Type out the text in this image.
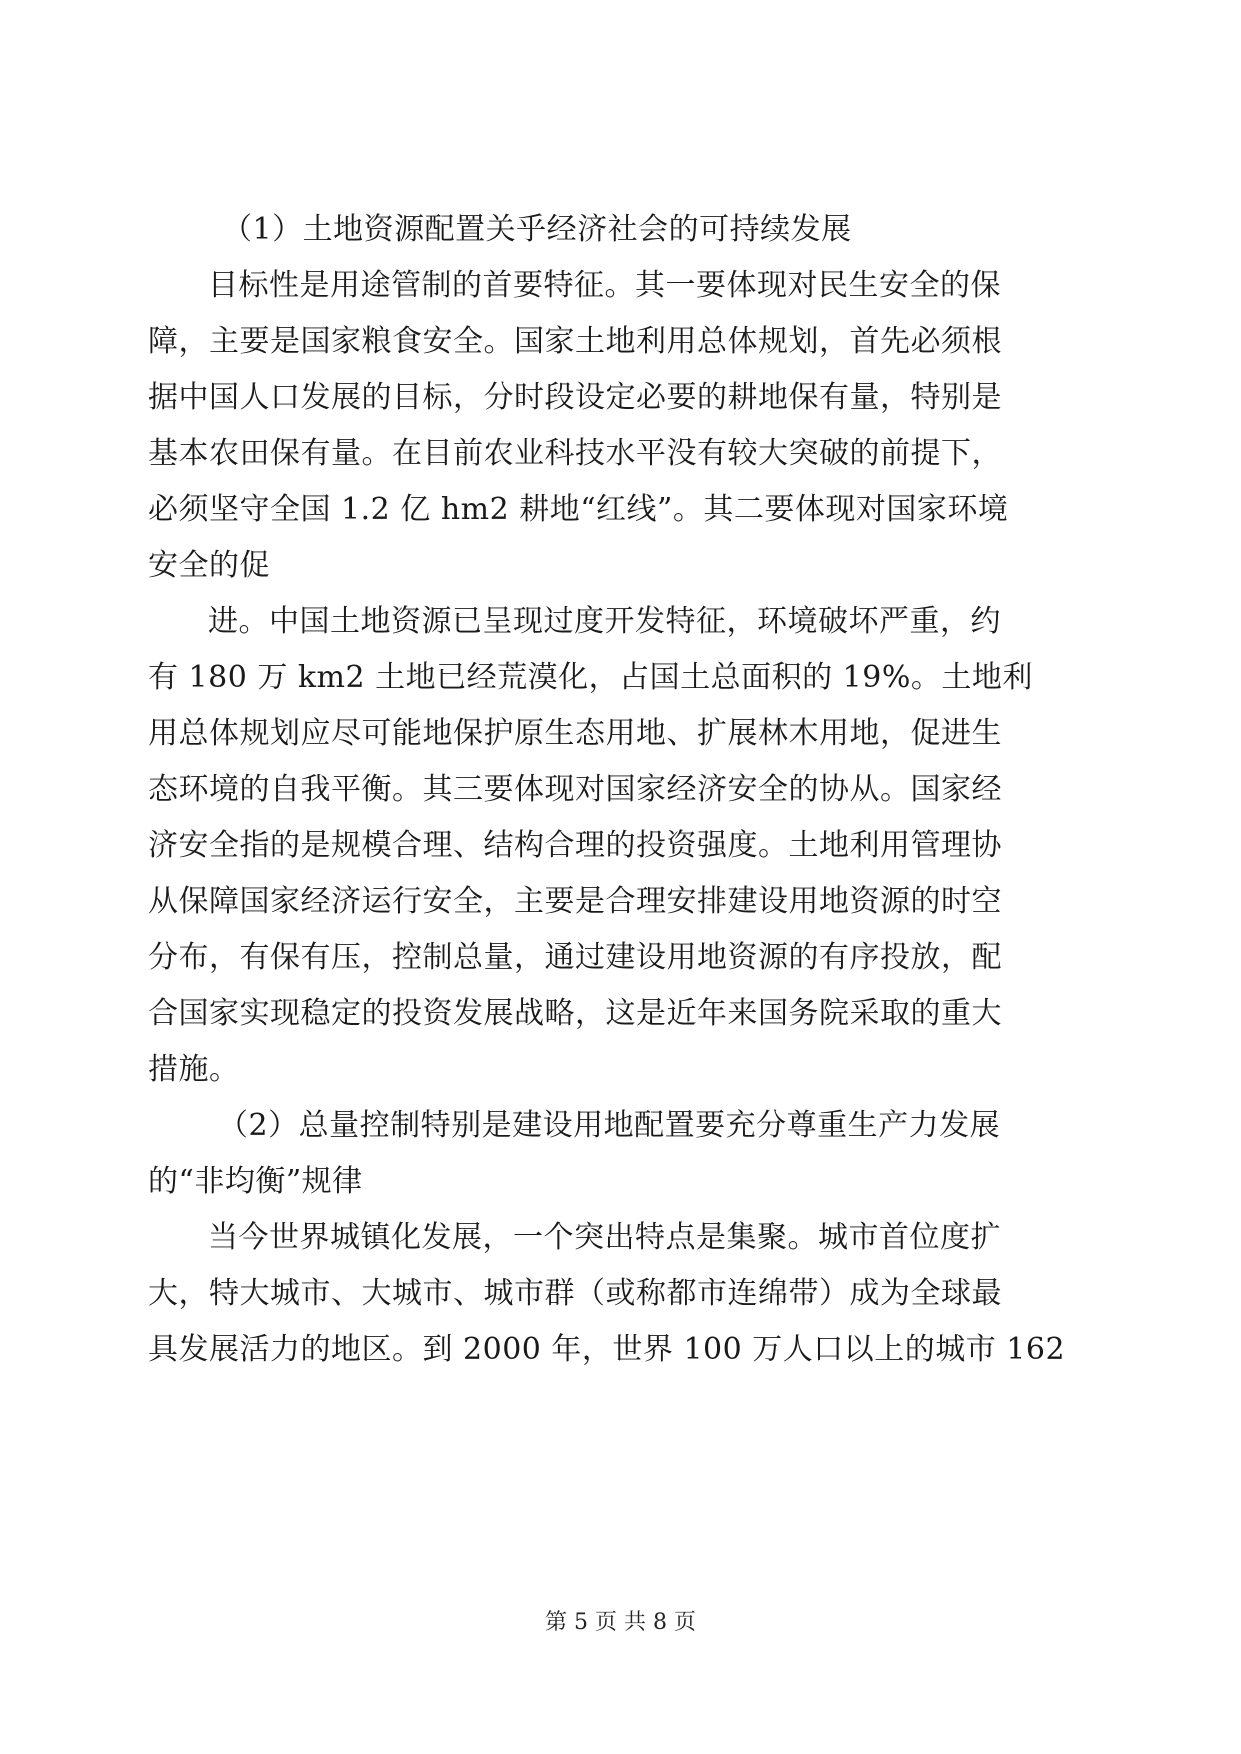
（1）土地资源配置关乎经济社会的可持续发展
目标性是用途管制的首要特征。其一要体现对民生安全的保
障，主要是国家粮食安全。国家土地利用总体规划，首先必须根
据中国人口发展的目标，分时段设定必要的耕地保有量，特别是
基本农田保有量。在目前农业科技水平没有较大突破的前提下，
必须坚守全国 1.2 亿 hm2 耕地“红线”。其二要体现对国家环境
安全的促
进。中国土地资源已呈现过度开发特征，环境破坏严重，约
有 180 万 km2 土地已经荒漠化，占国土总面积的 19%。土地利
用总体规划应尽可能地保护原生态用地、扩展林木用地，促进生
态环境的自我平衡。其三要体现对国家经济安全的协从。国家经
济安全指的是规模合理、结构合理的投资强度。土地利用管理协
从保障国家经济运行安全，主要是合理安排建设用地资源的时空
分布，有保有压，控制总量，通过建设用地资源的有序投放，配
合国家实现稳定的投资发展战略，这是近年来国务院采取的重大
措施。
（2）总量控制特别是建设用地配置要充分尊重生产力发展
的“非均衡”规律
当今世界城镇化发展，一个突出特点是集聚。城市首位度扩
大，特大城市、大城市、城市群（或称都市连绵带）成为全球最
具发展活力的地区。到 2000 年，世界 100 万人口以上的城市 162
第 5 页 共 8 页
